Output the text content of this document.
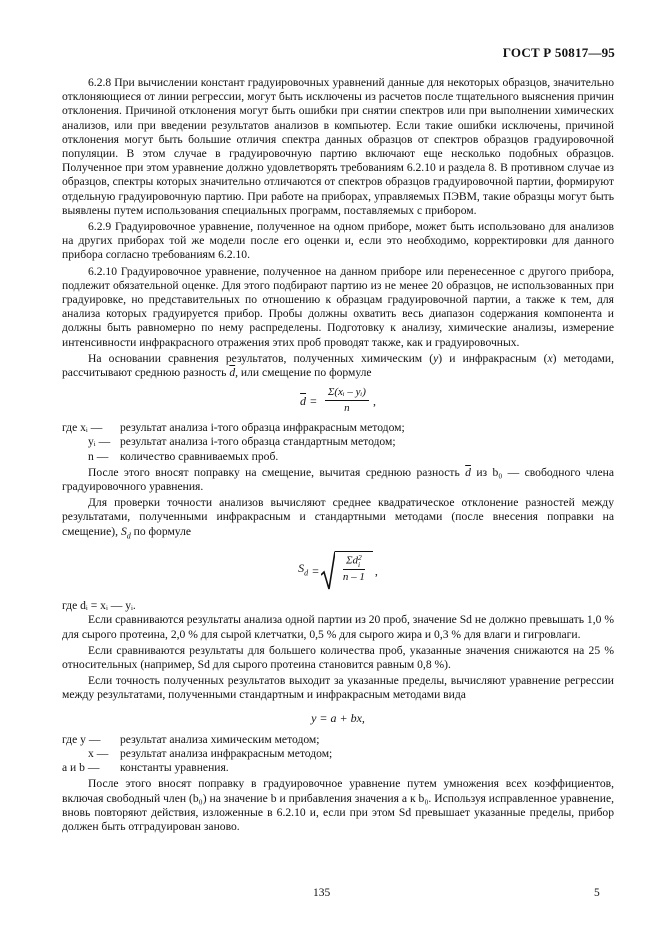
ГОСТ Р 50817—95

6.2.8 При вычислении констант градуировочных уравнений данные для некоторых образцов, значительно отклоняющиеся от линии регрессии, могут быть исключены из расчетов после тщательного выяснения причин отклонения. Причиной отклонения могут быть ошибки при снятии спектров или при выполнении химических анализов, или при введении результатов анализов в компьютер. Если такие ошибки исключены, причиной отклонения могут быть большие отличия спектра данных образцов от спектров образцов градуировочной популяции. В этом случае в градуировочную партию включают еще несколько подобных образцов. Полученное при этом уравнение должно удовлетворять требованиям 6.2.10 и раздела 8. В противном случае из образцов, спектры которых значительно отличаются от спектров образцов градуировочной партии, формируют отдельную градуировочную партию. При работе на приборах, управляемых ПЭВМ, такие образцы могут быть выявлены путем использования специальных программ, поставляемых с прибором.

6.2.9 Градуировочное уравнение, полученное на одном приборе, может быть использовано для анализов на других приборах той же модели после его оценки и, если это необходимо, корректировки для данного прибора согласно требованиям 6.2.10.

6.2.10 Градуировочное уравнение, полученное на данном приборе или перенесенное с другого прибора, подлежит обязательной оценке. Для этого подбирают партию из не менее 20 образцов, не использованных при градуировке, но представительных по отношению к образцам градуировочной партии, а также к тем, для анализа которых градуируется прибор. Пробы должны охватить весь диапазон содержания компонента и должны быть равномерно по нему распределены. Подготовку к анализу, химические анализы, измерение интенсивности инфракрасного отражения этих проб проводят также, как и градуировочных.

На основании сравнения результатов, полученных химическим (y) и инфракрасным (x) методами, рассчитывают среднюю разность $\overline{d}$, или смещение по формуле

$\overline{d} = \frac{\text{Σ(xᵢ – yᵢ)}}{n}$ ,
где xᵢ —	результат анализа i-того образца инфракрасным методом;
yᵢ — результат анализа i-того образца стандартным методом;
n —	количество сравниваемых проб.

После этого вносят поправку на смещение, вычитая среднюю разность $\overline{d}$ из b₀ — свободного члена градуировочного уравнения.

Для проверки точности анализов вычисляют среднее квадратическое отклонение разностей между результатами, полученными инфракрасным и стандартными методами (после внесения поправки на смещение), $S_d$ по формуле

$S_d = \Sigma d$ 2
i
n – 1 ,

где dᵢ = xᵢ — yᵢ.

Если сравниваются результаты анализа одной партии из 20 проб, значение Sd не должно превышать 1,0 % для сырого протеина, 2,0 % для сырой клетчатки, 0,5 % для сырого жира и 0,3 % для влаги и гигровлаги.

Если сравниваются результаты для большего количества проб, указанные значения снижаются на 25 % относительных (например, Sd для сырого протеина становится равным 0,8 %).

Если точность полученных результатов выходит за указанные пределы, вычисляют уравнение регрессии между результатами, полученными стандартным и инфракрасным методами вида

y = a + bx,
где y —	результат анализа химическим методом;
x —	результат анализа инфракрасным методом;
a и b —	константы уравнения.

После этого вносят поправку в градуировочное уравнение путем умножения всех коэффициентов, включая свободный член (b₀) на значение b и прибавления значения a к b₀. Используя исправленное уравнение, вновь повторяют действия, изложенные в 6.2.10 и, если при этом Sd превышает указанные пределы, прибор должен быть отградуирован заново.

135	5
